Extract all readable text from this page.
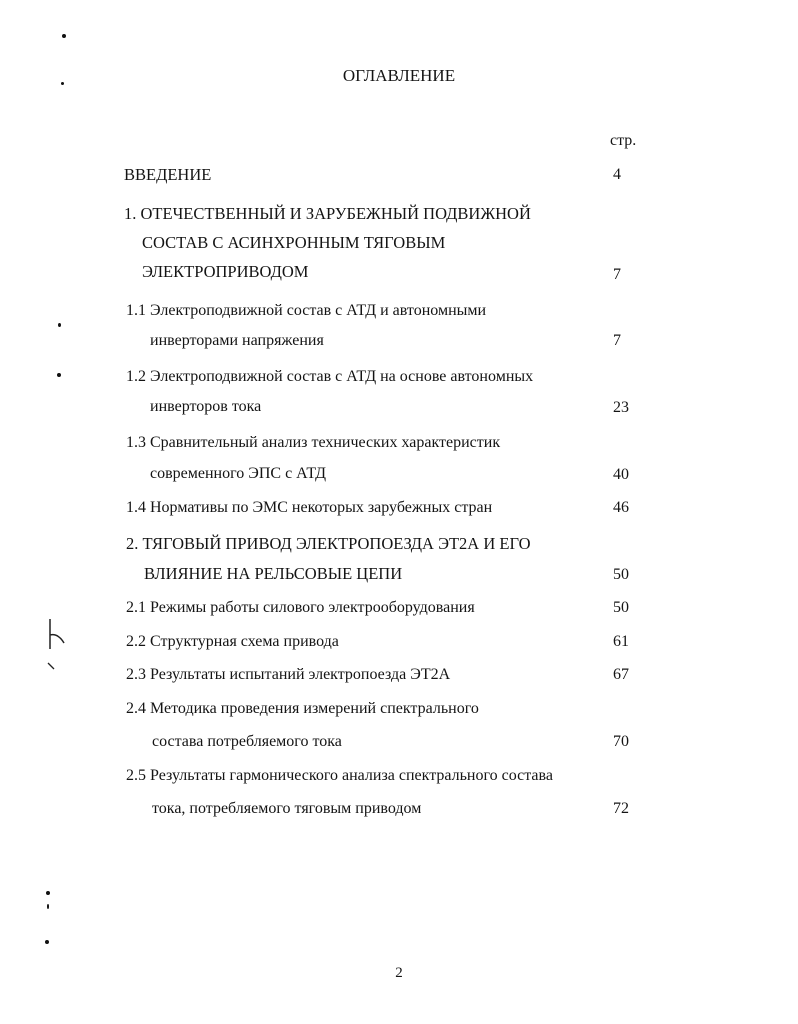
ОГЛАВЛЕНИЕ
стр.
ВВЕДЕНИЕ	4
1. ОТЕЧЕСТВЕННЫЙ И ЗАРУБЕЖНЫЙ ПОДВИЖНОЙ
СОСТАВ С АСИНХРОННЫМ ТЯГОВЫМ
ЭЛЕКТРОПРИВОДОМ	7
1.1 Электроподвижной состав с АТД и автономными
инверторами напряжения	7
1.2 Электроподвижной состав с АТД на основе автономных
инверторов тока	23
1.3 Сравнительный анализ технических характеристик
современного ЭПС с АТД	40
1.4 Нормативы по ЭМС некоторых зарубежных стран	46
2. ТЯГОВЫЙ ПРИВОД ЭЛЕКТРОПОЕЗДА ЭТ2А И ЕГО
ВЛИЯНИЕ НА РЕЛЬСОВЫЕ ЦЕПИ	50
2.1 Режимы работы силового электрооборудования	50
2.2 Структурная схема привода	61
2.3 Результаты испытаний электропоезда ЭТ2А	67
2.4 Методика проведения измерений спектрального
состава потребляемого тока	70
2.5 Результаты гармонического анализа спектрального состава
тока, потребляемого тяговым приводом	72
2
